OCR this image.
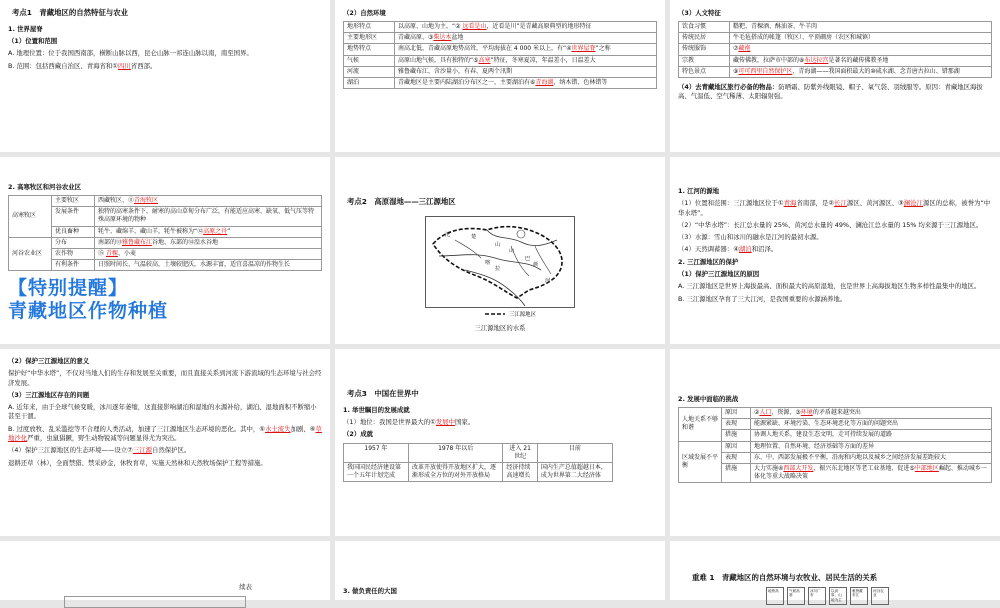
考点1　青藏地区的自然特征与农业
1. 世界屋脊
（1）位置和范围
A. 地理位置：位于我国西南部，横断山脉以西，昆仑山脉一祁连山脉以南，南至国界。
B. 范围：包括西藏自治区、青海省和①四川省西部。
（2）自然环境
地形特点	以高原、山地为主，“② 远看是山，近看是川”是青藏高原典型的地形特征
主要地形区	青藏高原、③柴达木盆地
地势特点	南高北低，青藏高原地势高耸，平均海拔在 4 000 米以上，有“④世界屋脊”之称
气候	高原山地气候，具有独特的“⑤高寒”特征，冬寒夏凉，年温差小，日温差大
河流	雅鲁藏布江，含沙量小，有春、夏两个汛期
湖泊	青藏地区是主要内陆湖泊分布区之一，主要湖泊有⑥青海湖，纳木错、色林错等
（3）人文特征
饮食习惯	糌粑、青稞酒、酥油茶、牛羊肉
传统民居	牛毛毡搭成的帐篷（牧区）、平顶碉房（农区和城镇）
传统服饰	⑦藏袍
宗教	藏传佛教，拉萨市中部的⑧布达拉宫是著名的藏传佛教圣地
特色景点	⑨可可西里自然保护区、青海湖——我国面积最大的⑩咸水湖、念青唐古拉山、错那湖
（4）去青藏地区旅行必备的物品：防晒霜、防紫外线眼镜、帽子、氧气袋、羽绒服等。原因：青藏地区海拔高、气温低、空气稀薄、太阳辐射强。
2. 高寒牧区和河谷农业区
高寒牧区	主要牧区	西藏牧区、⑪青海牧区
	发展条件	独特的高寒条件下，耐寒的高山草甸分布广泛，有能适应高寒、缺氧、低气压等特殊高原环境的物种
	优良畜种	牦牛、藏绵羊、藏山羊，牦牛被称为“⑫高原之舟”
河谷农业区	分布	南部的⑬雅鲁藏布江谷地、东部的⑭湟水谷地
	农作物	⑮ 青稞、小麦
	有利条件	日照时间长、气温较高，土壤较肥沃，水源丰富，适宜喜温凉的作物生长
【特别提醒】
青藏地区作物种植
考点2　高原湿地——三江源地区
沱
山
楚
山
巴
颜
喀
拉
河
三江源地区
三江源地区的水系
1. 江河的源地
（1）位置和范围：三江源地区位于①青海省南部，是②长江源区、黄河源区、③澜沧江源区的总称，被誉为“中华水塔”。
（2）“中华水塔”：长江总水量的 25%、黄河总水量的 49%、澜沧江总水量的 15% 均来源于三江源地区。
（3）水源：雪山和冰川的融水是江河的最初水源。
（4）天然调蓄器：④湖泊和沼泽。
2. 三江源地区的保护
（1）保护三江源地区的原因
A. 三江源地区是世界上海拔最高、面积最大的高原湿地，也是世界上高海拔地区生物多样性最集中的地区。
B. 三江源地区孕育了三大江河，是我国重要的水源涵养地。
（2）保护三江源地区的意义
保护好“中华水塔”，不仅对当地人们的生存和发展至关重要，而且直接关系到河流下游流域的生态环境与社会经济发展。
（3）三江源地区存在的问题
A. 近年来，由于全球气候变暖，冰川逐年萎缩，这直接影响湖泊和湿地的水源补给，湖泊、湿地面积不断缩小甚至干涸。
B. 过度放牧、乱采滥挖等不合理的人类活动，加速了三江源地区生态环境的恶化。其中，⑤水土流失加剧、⑥草地沙化严重，虫鼠猖獗，野生动物锐减等问题显得尤为突出。
（4）保护三江源地区的生态环境——设立⑦三江源自然保护区。
退耕还草（林），全面禁猎、禁采砂金，休牧育草，实施天然林和天然牧场保护工程等措施。
考点3　中国在世界中
1. 举世瞩目的发展成就
（1）地位：我国是世界最大的①发展中国家。
（2）成就
1957 年	1978 年以后	进入 21 世纪	目前
我国国民经济建设第一个五年计划完成	改革开放使得开放地区扩大，逐渐形成全方位的对外开放格局	经济持续高速增长	国内生产总值超越日本，成为世界第二大经济体
2. 发展中面临的挑战
人地关系不够和谐	原因	②人口、资源、③环境的矛盾越来越突出
	表现	能源紧缺、环境污染、生态环境恶化等方面的问题突出
	措施	协调人地关系，建设生态文明，走可持续发展的道路
区域发展不平衡	原因	地理位置、自然环境、经济基础等方面的差异
	表现	东、中、西部发展极不平衡，沿海和内地以及城乡之间经济发展差距较大
	措施	大力实施④西部大开发、振兴东北地区等老工业基地、促进⑤中部地区崛起、推动城乡一体化等重大战略决策
续表	3. 做负责任的大国
重难 1　青藏地区的自然环境与农牧业、居民生活的关系
地势高	气候高寒
冰川广布
以高原、山地为主
雅鲁藏布江
河谷农业
